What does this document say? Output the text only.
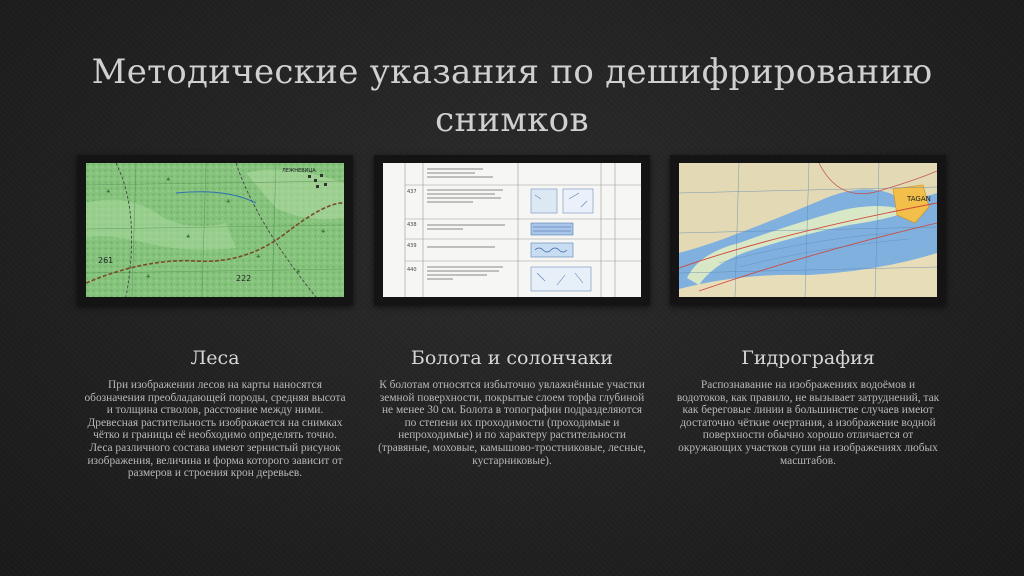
Методические указания по дешифрированию снимков
♣
♣
♣
♣
♣
♣
♣
♣
261
222
ЛЕЖНЕВИЦА
Леса
При изображении лесов на карты наносятся обозначения преобладающей породы, средняя высота и толщина стволов, расстояние между ними. Древесная растительность изображается на снимках чётко и границы её необходимо определять точно. Леса различного состава имеют зернистый рисунок изображения, величина и форма которого зависит от размеров и строения крон деревьев.
437
438
439
440
Болота и солончаки
К болотам относятся избыточно увлажнённые участки земной поверхности, покрытые слоем торфа глубиной не менее 30 см. Болота в топографии подразделяются по степени их проходимости (проходимые и непроходимые) и по характеру растительности (травяные, моховые, камышово-тростниковые, лесные, кустарниковые).
TAGAN
Гидрография
Распознавание на изображениях водоёмов и водотоков, как правило, не вызывает затруднений, так как береговые линии в большинстве случаев имеют достаточно чёткие очертания, а изображение водной поверхности обычно хорошо отличается от окружающих участков суши на изображениях любых масштабов.
